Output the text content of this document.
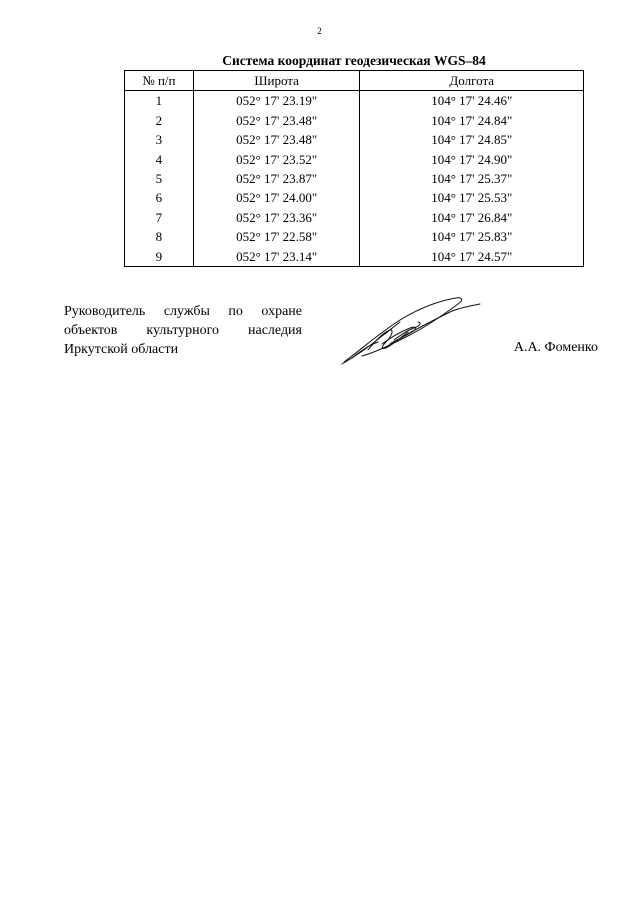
2
Система координат геодезическая WGS–84
№ п/п	Широта	Долгота
1	052° 17' 23.19"	104° 17' 24.46"
2	052° 17' 23.48"	104° 17' 24.84"
3	052° 17' 23.48"	104° 17' 24.85"
4	052° 17' 23.52"	104° 17' 24.90"
5	052° 17' 23.87"	104° 17' 25.37"
6	052° 17' 24.00"	104° 17' 25.53"
7	052° 17' 23.36"	104° 17' 26.84"
8	052° 17' 22.58"	104° 17' 25.83"
9	052° 17' 23.14"	104° 17' 24.57"
Руководитель службы по охране
объектов культурного наследия
Иркутской области	А.А. Фоменко
